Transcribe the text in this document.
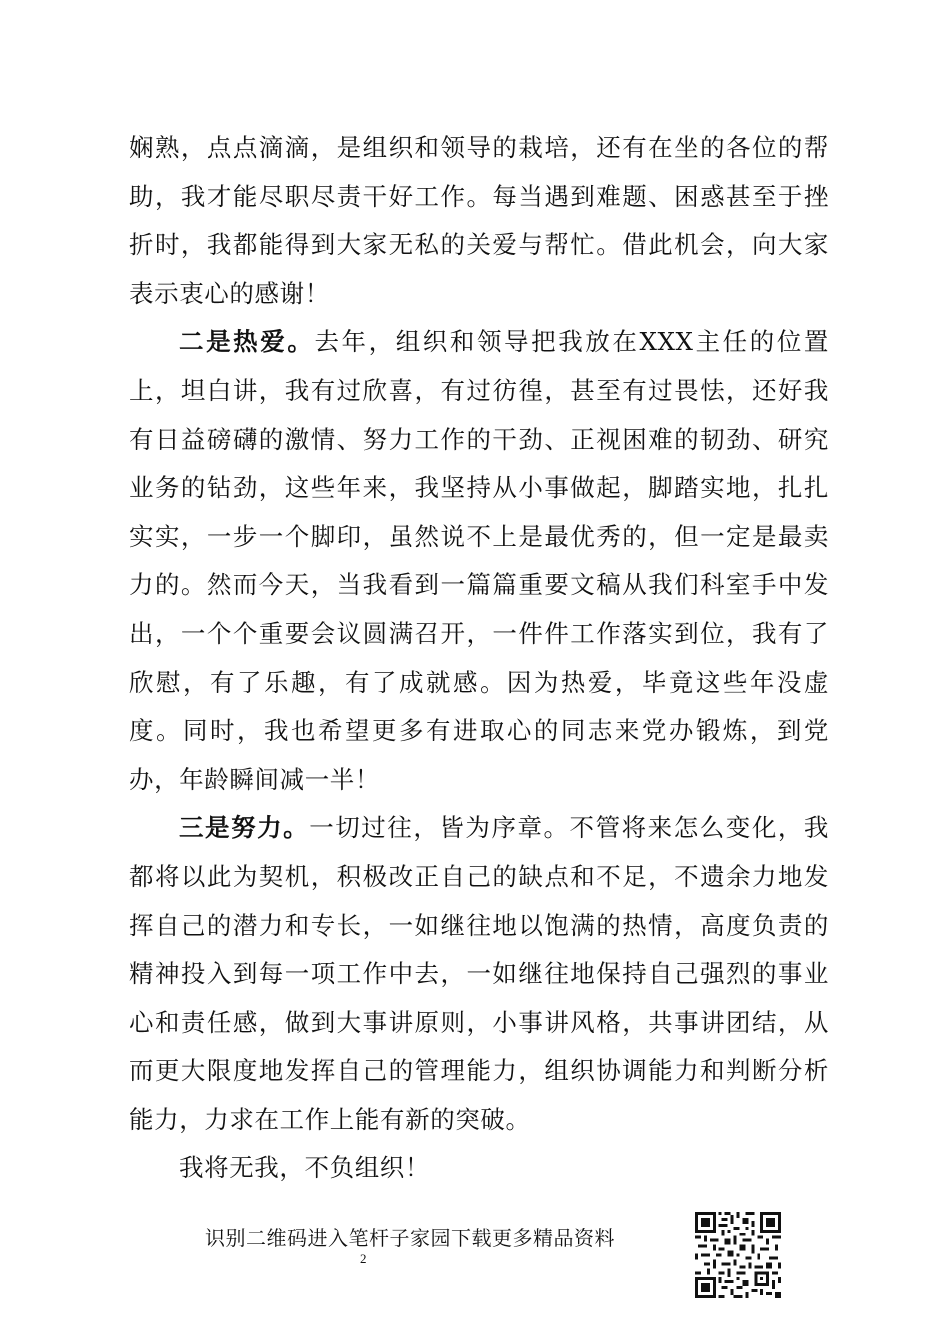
娴熟，点点滴滴，是组织和领导的栽培，还有在坐的各位的帮助，我才能尽职尽责干好工作。每当遇到难题、困惑甚至于挫折时，我都能得到大家无私的关爱与帮忙。借此机会，向大家表示衷心的感谢！

二是热爱。去年，组织和领导把我放在XXX主任的位置上，坦白讲，我有过欣喜，有过彷徨，甚至有过畏怯，还好我有日益磅礴的激情、努力工作的干劲、正视困难的韧劲、研究业务的钻劲，这些年来，我坚持从小事做起，脚踏实地，扎扎实实，一步一个脚印，虽然说不上是最优秀的，但一定是最卖力的。然而今天，当我看到一篇篇重要文稿从我们科室手中发出，一个个重要会议圆满召开，一件件工作落实到位，我有了欣慰，有了乐趣，有了成就感。因为热爱，毕竟这些年没虚度。同时，我也希望更多有进取心的同志来党办锻炼，到党办，年龄瞬间减一半！

三是努力。一切过往，皆为序章。不管将来怎么变化，我都将以此为契机，积极改正自己的缺点和不足，不遗余力地发挥自己的潜力和专长，一如继往地以饱满的热情，高度负责的精神投入到每一项工作中去，一如继往地保持自己强烈的事业心和责任感，做到大事讲原则，小事讲风格，共事讲团结，从而更大限度地发挥自己的管理能力，组织协调能力和判断分析能力，力求在工作上能有新的突破。

我将无我，不负组织！

识别二维码进入笔杆子家园下载更多精品资料
2
